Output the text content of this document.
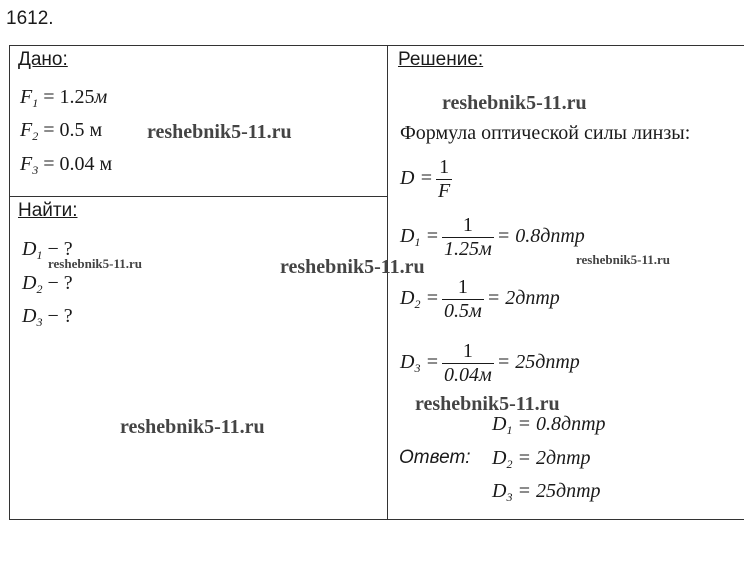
1612.
Дано:
$F_1 = 1.25м$
$F_2 = 0.5$ м
$F_3 = 0.04$ м
Найти:
$D_1$ − ?
$D_2$ − ?
$D_3$ − ?
Решение:
Формула оптической силы линзы:
$D = \frac{1}{F}$
$D_1 = \frac{1}{1.25м}$ = 0.8дптр
$D_2 = \frac{1}{0.5м}$ = 2дптр
$D_3 = \frac{1}{0.04м}$ = 25дптр
Ответ:
$D_1$ = 0.8дптр
$D_2$ = 2дптр
$D_3$ = 25дптр
reshebnik5-11.ru
reshebnik5-11.ru
reshebnik5-11.ru	reshebnik5-11.ru	reshebnik5-11.ru
reshebnik5-11.ru
reshebnik5-11.ru
